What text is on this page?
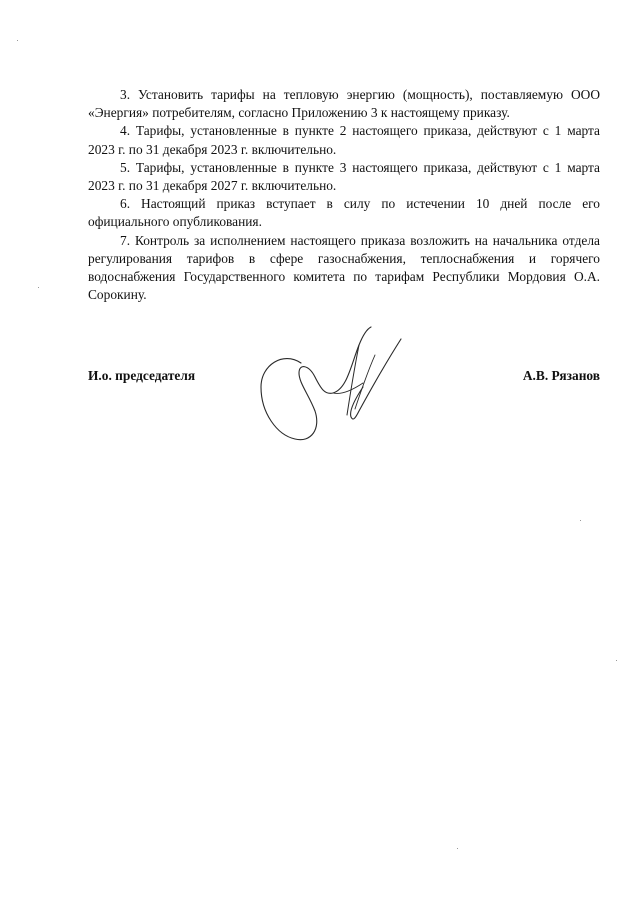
3. Установить тарифы на тепловую энергию (мощность), поставляемую ООО «Энергия» потребителям, согласно Приложению 3 к настоящему приказу.

4. Тарифы, установленные в пункте 2 настоящего приказа, действуют с 1 марта 2023 г. по 31 декабря 2023 г. включительно.

5. Тарифы, установленные в пункте 3 настоящего приказа, действуют с 1 марта 2023 г. по 31 декабря 2027 г. включительно.

6. Настоящий приказ вступает в силу по истечении 10 дней после его официального опубликования.

7. Контроль за исполнением настоящего приказа возложить на начальника отдела регулирования тарифов в сфере газоснабжения, теплоснабжения и горячего водоснабжения Государственного комитета по тарифам Республики Мордовия О.А. Сорокину.

И.о. председателя	А.В. Рязанов
